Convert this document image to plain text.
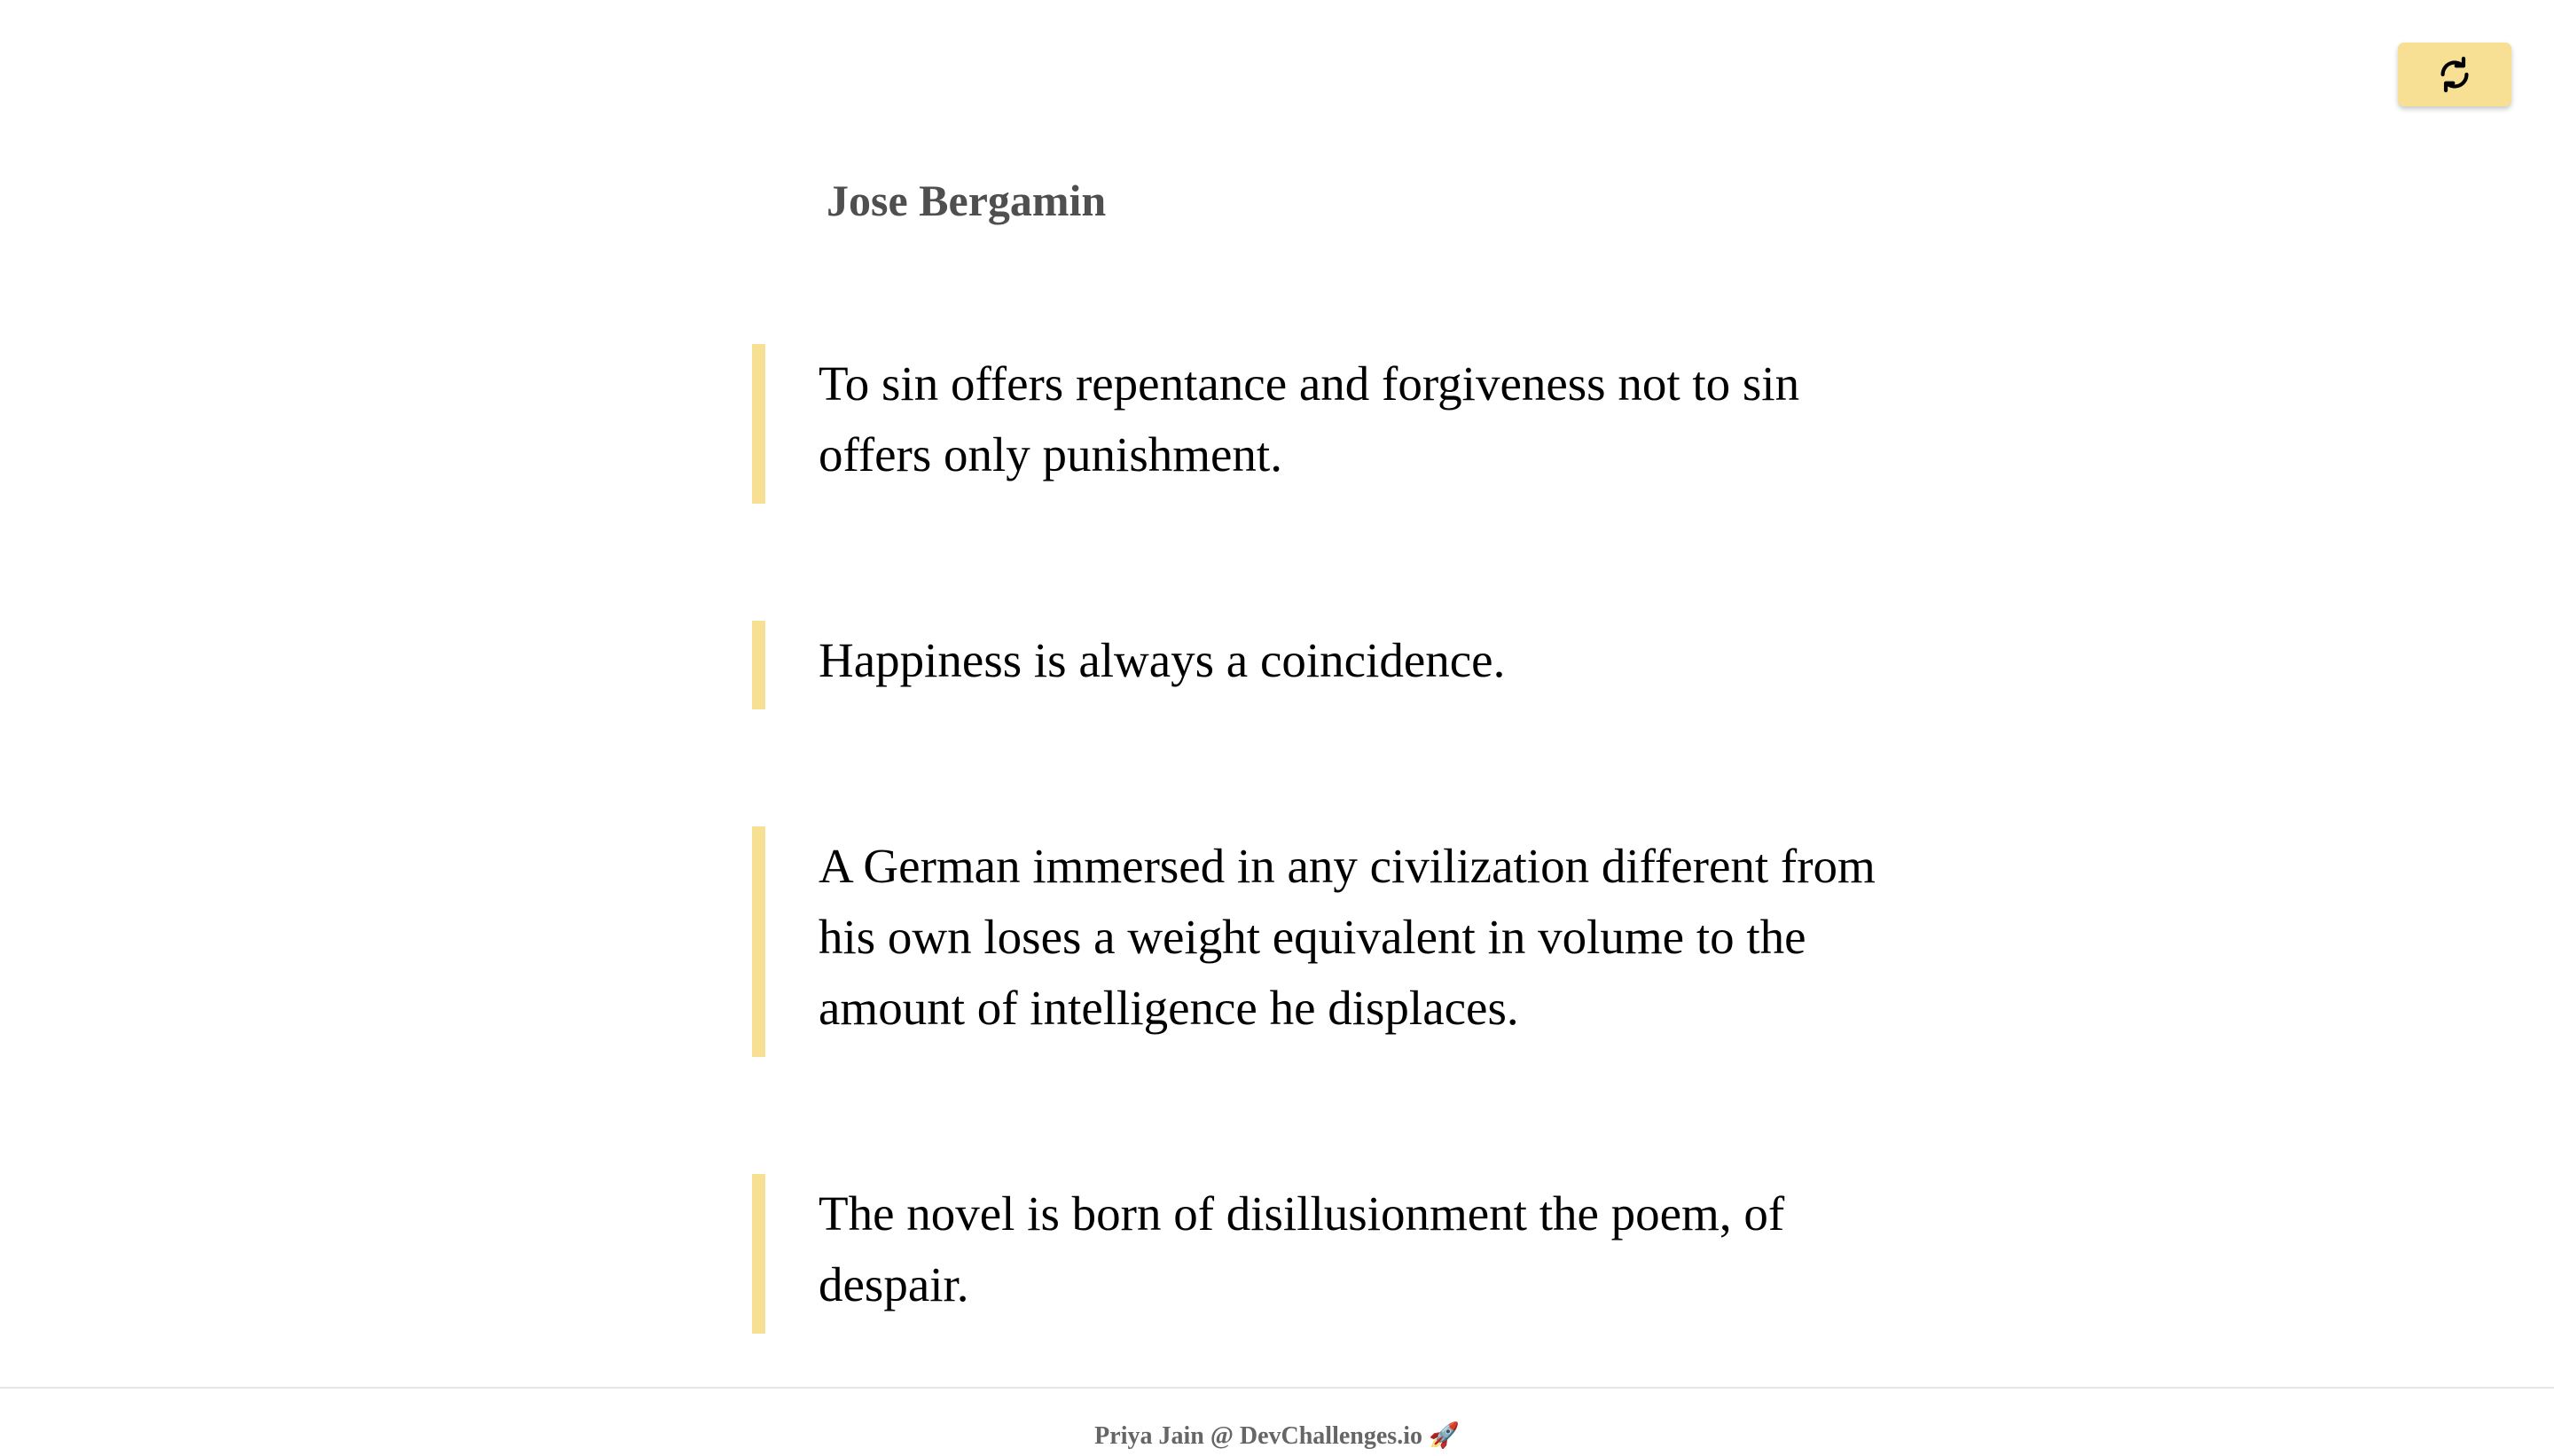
Jose Bergamin

To sin offers repentance and forgiveness not to sin offers only punishment.

Happiness is always a coincidence.

A German immersed in any civilization different from his own loses a weight equivalent in volume to the amount of intelligence he displaces.

The novel is born of disillusionment the poem, of despair.

Priya Jain @ DevChallenges.io 🚀
